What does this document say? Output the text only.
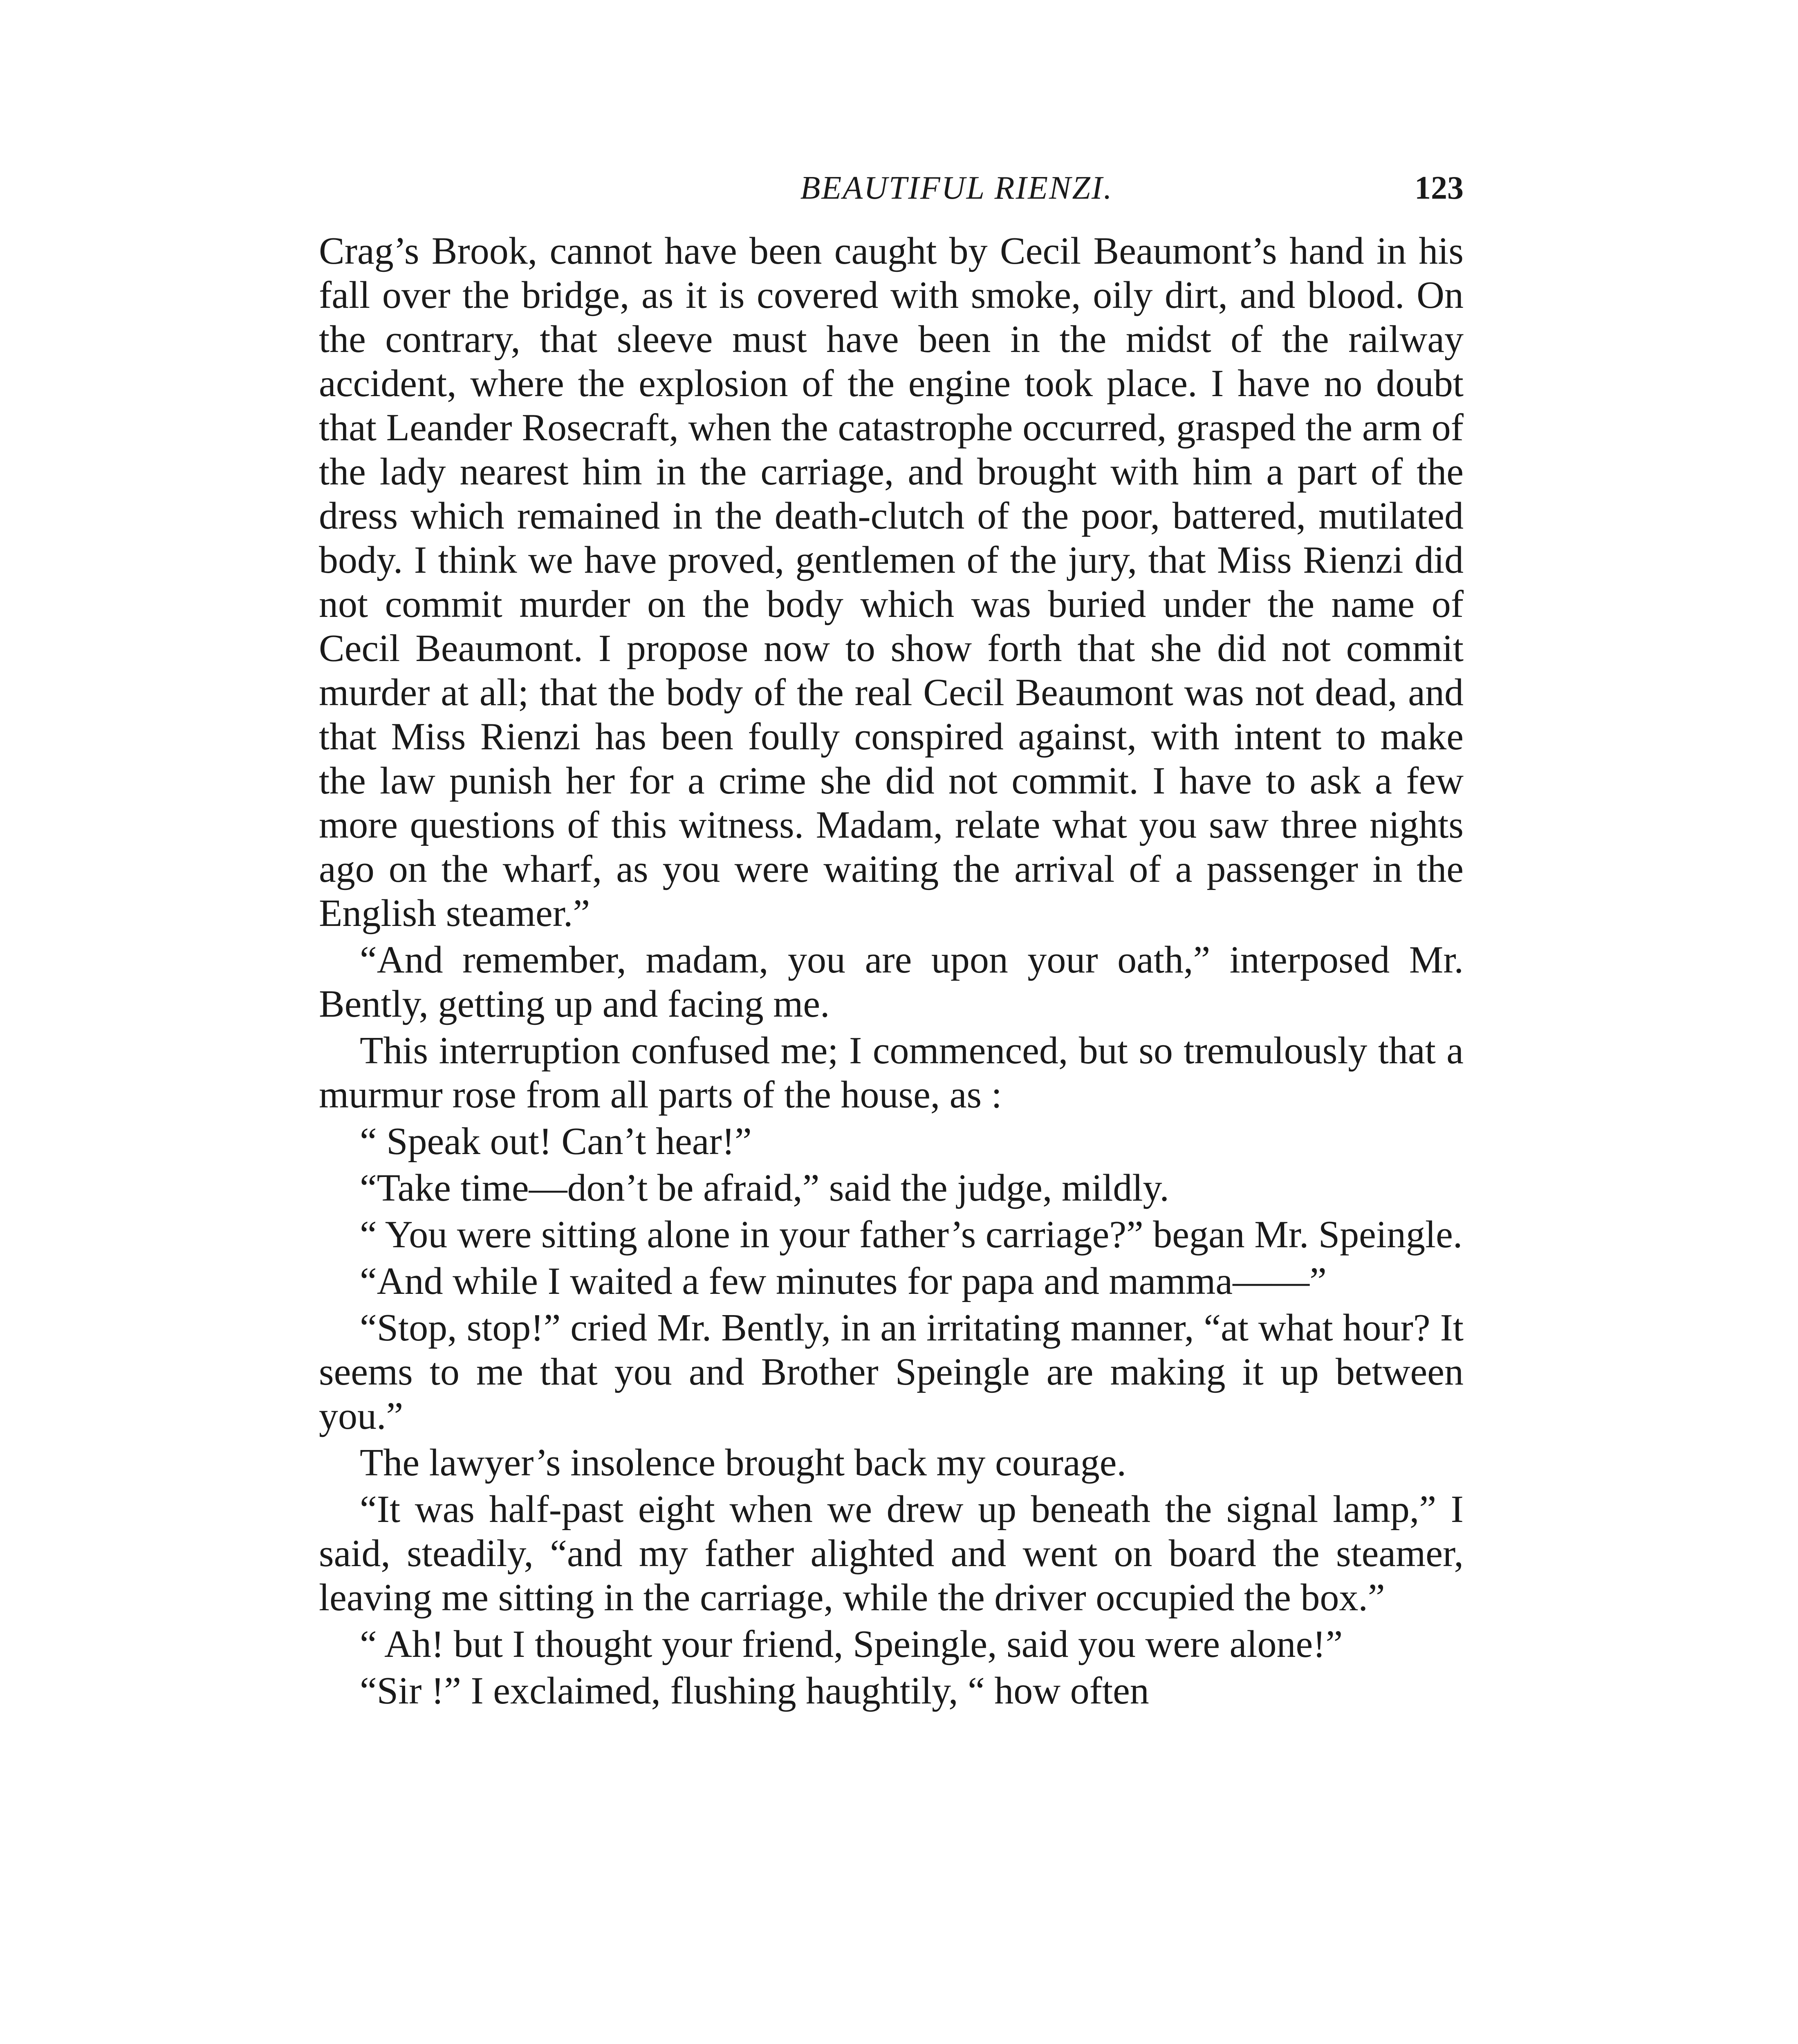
BEAUTIFUL RIENZI.	123

Crag’s Brook, cannot have been caught by Cecil Beaumont’s hand in his fall over the bridge, as it is covered with smoke, oily dirt, and blood. On the contrary, that sleeve must have been in the midst of the railway accident, where the explosion of the engine took place. I have no doubt that Leander Rosecraft, when the catastrophe occurred, grasped the arm of the lady nearest him in the carriage, and brought with him a part of the dress which remained in the death-clutch of the poor, battered, mutilated body. I think we have proved, gentlemen of the jury, that Miss Rienzi did not commit murder on the body which was buried under the name of Cecil Beaumont. I propose now to show forth that she did not commit murder at all; that the body of the real Cecil Beaumont was not dead, and that Miss Rienzi has been foully conspired against, with intent to make the law punish her for a crime she did not commit. I have to ask a few more questions of this witness. Madam, relate what you saw three nights ago on the wharf, as you were waiting the arrival of a passenger in the English steamer.”

“And remember, madam, you are upon your oath,” interposed Mr. Bently, getting up and facing me.

This interruption confused me; I commenced, but so tremulously that a murmur rose from all parts of the house, as :

“ Speak out! Can’t hear!”

“Take time—don’t be afraid,” said the judge, mildly.

“ You were sitting alone in your father’s carriage?” began Mr. Speingle.

“And while I waited a few minutes for papa and mamma——”

“Stop, stop!” cried Mr. Bently, in an irritating manner, “at what hour? It seems to me that you and Brother Speingle are making it up between you.”

The lawyer’s insolence brought back my courage.

“It was half-past eight when we drew up beneath the signal lamp,” I said, steadily, “and my father alighted and went on board the steamer, leaving me sitting in the carriage, while the driver occupied the box.”

“ Ah! but I thought your friend, Speingle, said you were alone!”

“Sir !” I exclaimed, flushing haughtily, “ how often
